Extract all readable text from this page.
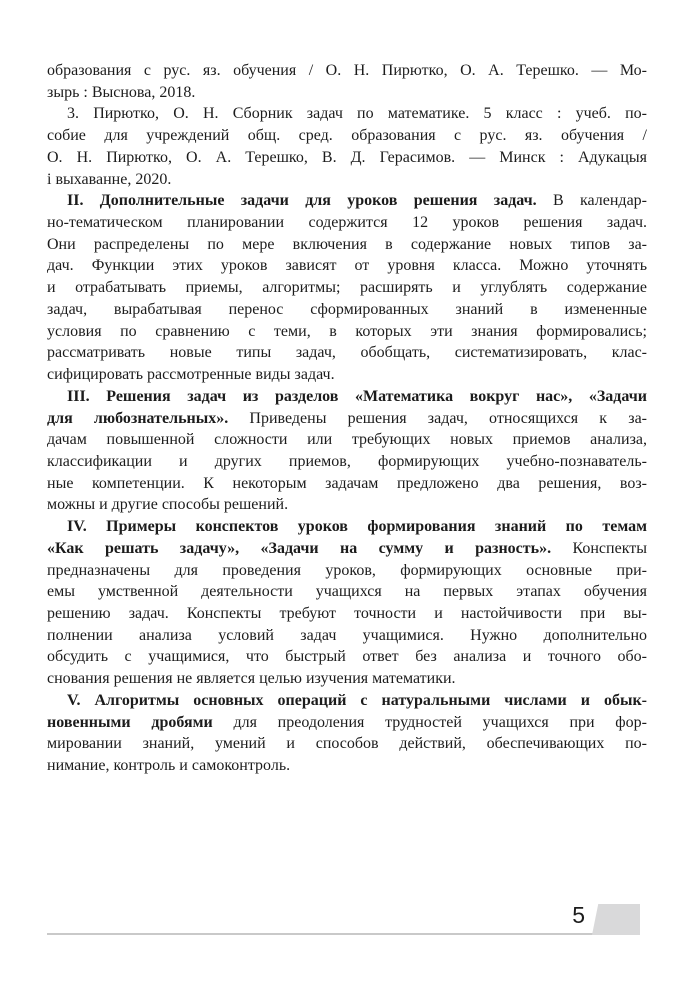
образования с рус. яз. обучения / О. Н. Пирютко, О. А. Терешко. — Мо-
зырь : Выснова, 2018.
3. Пирютко, О. Н. Сборник задач по математике. 5 класс : учеб. по-
собие для учреждений общ. сред. образования с рус. яз. обучения /
О. Н. Пирютко, О. А. Терешко, В. Д. Герасимов. — Минск : Адукацыя
і выхаванне, 2020.
II. Дополнительные задачи для уроков решения задач. В календар-
но-тематическом планировании содержится 12 уроков решения задач.
Они распределены по мере включения в содержание новых типов за-
дач. Функции этих уроков зависят от уровня класса. Можно уточнять
и отрабатывать приемы, алгоритмы; расширять и углублять содержание
задач, вырабатывая перенос сформированных знаний в измененные
условия по сравнению с теми, в которых эти знания формировались;
рассматривать новые типы задач, обобщать, систематизировать, клас-
сифицировать рассмотренные виды задач.
III. Решения задач из разделов «Математика вокруг нас», «Задачи
для любознательных». Приведены решения задач, относящихся к за-
дачам повышенной сложности или требующих новых приемов анализа,
классификации и других приемов, формирующих учебно-познаватель-
ные компетенции. К некоторым задачам предложено два решения, воз-
можны и другие способы решений.
IV. Примеры конспектов уроков формирования знаний по темам
«Как решать задачу», «Задачи на сумму и разность». Конспекты
предназначены для проведения уроков, формирующих основные при-
емы умственной деятельности учащихся на первых этапах обучения
решению задач. Конспекты требуют точности и настойчивости при вы-
полнении анализа условий задач учащимися. Нужно дополнительно
обсудить с учащимися, что быстрый ответ без анализа и точного обо-
снования решения не является целью изучения математики.
V. Алгоритмы основных операций с натуральными числами и обык-
новенными дробями для преодоления трудностей учащихся при фор-
мировании знаний, умений и способов действий, обеспечивающих по-
нимание, контроль и самоконтроль.
5
